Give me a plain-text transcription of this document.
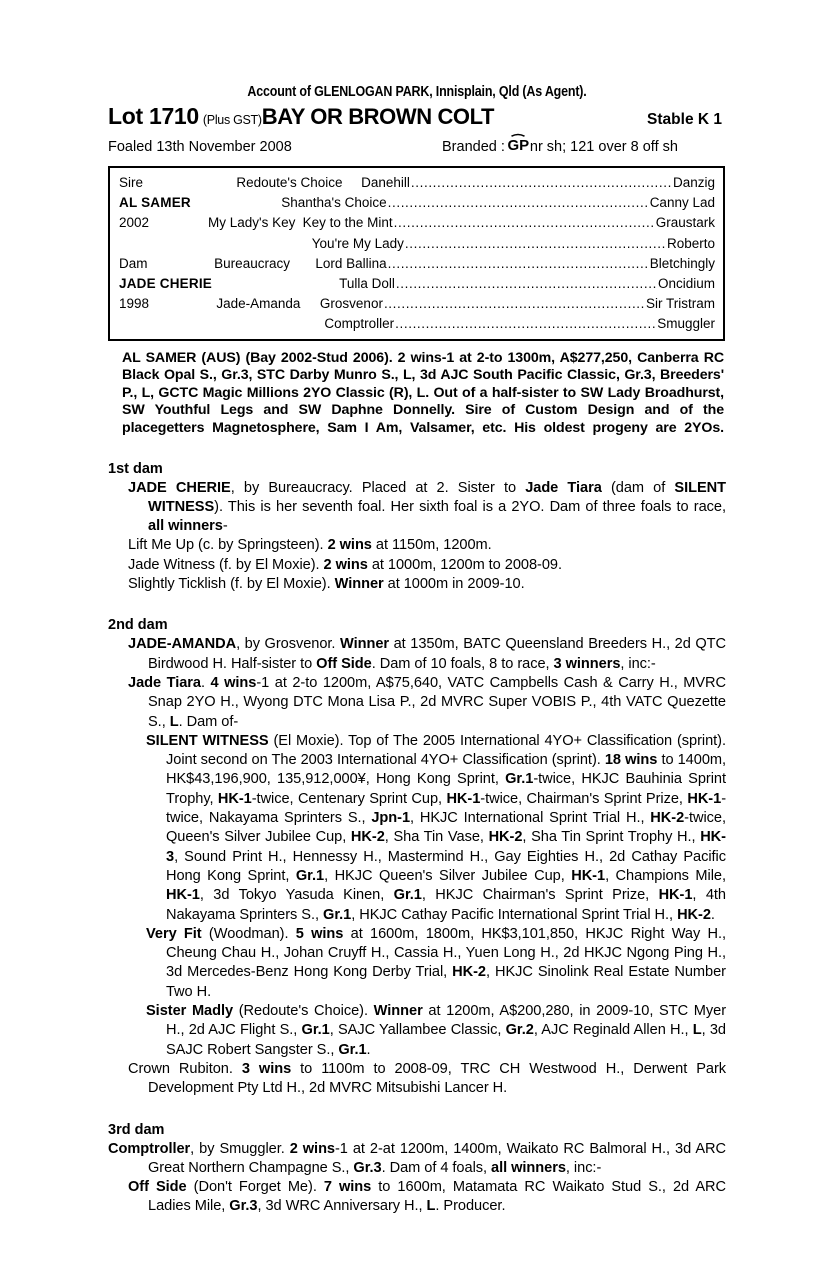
Account of GLENLOGAN PARK, Innisplain, Qld (As Agent).
Lot 1710 (Plus GST) BAY OR BROWN COLT	Stable K 1
Foaled 13th November 2008	Branded : GP nr sh; 121 over 8 off sh
Sire	Redoute's Choice	Danehill ............................................................ Danzig
AL SAMER	Shantha's Choice ............................................................ Canny Lad
2002	My Lady's Key Key to the Mint ............................................................ Graustark
You're My Lady ............................................................ Roberto
Dam	Bureaucracy	Lord Ballina ............................................................ Bletchingly
JADE CHERIE	Tulla Doll ............................................................ Oncidium
1998	Jade-Amanda	Grosvenor ............................................................ Sir Tristram
Comptroller ............................................................ Smuggler
AL SAMER (AUS) (Bay 2002-Stud 2006). 2 wins-1 at 2-to 1300m, A$277,250, Canberra RC Black Opal S., Gr.3, STC Darby Munro S., L, 3d AJC South Pacific Classic, Gr.3, Breeders' P., L, GCTC Magic Millions 2YO Classic (R), L. Out of a half-sister to SW Lady Broadhurst, SW Youthful Legs and SW Daphne Donnelly. Sire of Custom Design and of the placegetters Magnetosphere, Sam I Am, Valsamer, etc. His oldest progeny are 2YOs.
1st dam

JADE CHERIE, by Bureaucracy. Placed at 2. Sister to Jade Tiara (dam of SILENT WITNESS). This is her seventh foal. Her sixth foal is a 2YO. Dam of three foals to race, all winners-

Lift Me Up (c. by Springsteen). 2 wins at 1150m, 1200m.

Jade Witness (f. by El Moxie). 2 wins at 1000m, 1200m to 2008-09.

Slightly Ticklish (f. by El Moxie). Winner at 1000m in 2009-10.

2nd dam

JADE-AMANDA, by Grosvenor. Winner at 1350m, BATC Queensland Breeders H., 2d QTC Birdwood H. Half-sister to Off Side. Dam of 10 foals, 8 to race, 3 winners, inc:-

Jade Tiara. 4 wins-1 at 2-to 1200m, A$75,640, VATC Campbells Cash & Carry H., MVRC Snap 2YO H., Wyong DTC Mona Lisa P., 2d MVRC Super VOBIS P., 4th VATC Quezette S., L. Dam of-

SILENT WITNESS (El Moxie). Top of The 2005 International 4YO+ Classification (sprint). Joint second on The 2003 International 4YO+ Classification (sprint). 18 wins to 1400m, HK$43,196,900, 135,912,000¥, Hong Kong Sprint, Gr.1-twice, HKJC Bauhinia Sprint Trophy, HK-1-twice, Centenary Sprint Cup, HK-1-twice, Chairman's Sprint Prize, HK-1-twice, Nakayama Sprinters S., Jpn-1, HKJC International Sprint Trial H., HK-2-twice, Queen's Silver Jubilee Cup, HK-2, Sha Tin Vase, HK-2, Sha Tin Sprint Trophy H., HK-3, Sound Print H., Hennessy H., Mastermind H., Gay Eighties H., 2d Cathay Pacific Hong Kong Sprint, Gr.1, HKJC Queen's Silver Jubilee Cup, HK-1, Champions Mile, HK-1, 3d Tokyo Yasuda Kinen, Gr.1, HKJC Chairman's Sprint Prize, HK-1, 4th Nakayama Sprinters S., Gr.1, HKJC Cathay Pacific International Sprint Trial H., HK-2.

Very Fit (Woodman). 5 wins at 1600m, 1800m, HK$3,101,850, HKJC Right Way H., Cheung Chau H., Johan Cruyff H., Cassia H., Yuen Long H., 2d HKJC Ngong Ping H., 3d Mercedes-Benz Hong Kong Derby Trial, HK-2, HKJC Sinolink Real Estate Number Two H.

Sister Madly (Redoute's Choice). Winner at 1200m, A$200,280, in 2009-10, STC Myer H., 2d AJC Flight S., Gr.1, SAJC Yallambee Classic, Gr.2, AJC Reginald Allen H., L, 3d SAJC Robert Sangster S., Gr.1.

Crown Rubiton. 3 wins to 1100m to 2008-09, TRC CH Westwood H., Derwent Park Development Pty Ltd H., 2d MVRC Mitsubishi Lancer H.

3rd dam

Comptroller, by Smuggler. 2 wins-1 at 2-at 1200m, 1400m, Waikato RC Balmoral H., 3d ARC Great Northern Champagne S., Gr.3. Dam of 4 foals, all winners, inc:-

Off Side (Don't Forget Me). 7 wins to 1600m, Matamata RC Waikato Stud S., 2d ARC Ladies Mile, Gr.3, 3d WRC Anniversary H., L. Producer.
